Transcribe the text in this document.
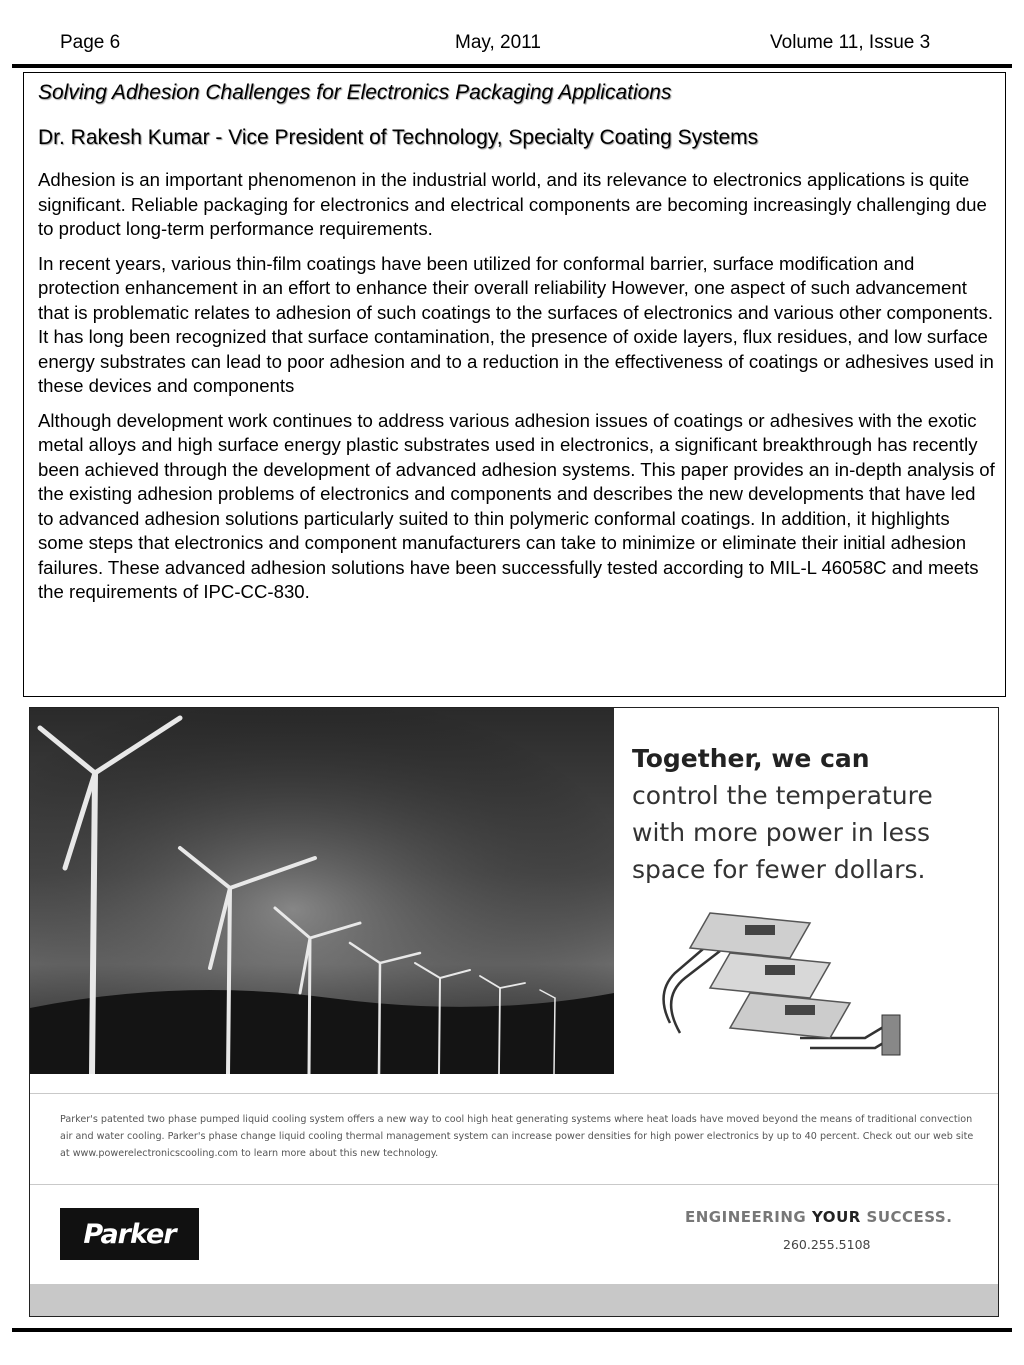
Page 6	May, 2011	Volume 11, Issue 3
Solving Adhesion Challenges for Electronics Packaging Applications
Dr. Rakesh Kumar - Vice President of Technology, Specialty Coating Systems

Adhesion is an important phenomenon in the industrial world, and its relevance to electronics applications is quite significant. Reliable packaging for electronics and electrical components are becoming increasingly challenging due to product long-term performance requirements.

In recent years, various thin-film coatings have been utilized for conformal barrier, surface modification and protection enhancement in an effort to enhance their overall reliability However, one aspect of such advancement that is problematic relates to adhesion of such coatings to the surfaces of electronics and various other components. It has long been recognized that surface contamination, the presence of oxide layers, flux residues, and low surface energy substrates can lead to poor adhesion and to a reduction in the effectiveness of coatings or adhesives used in these devices and components

Although development work continues to address various adhesion issues of coatings or adhesives with the exotic metal alloys and high surface energy plastic substrates used in electronics, a significant breakthrough has recently been achieved through the development of advanced adhesion systems. This paper provides an in-depth analysis of the existing adhesion problems of electronics and components and describes the new developments that have led to advanced adhesion solutions particularly suited to thin polymeric conformal coatings. In addition, it highlights some steps that electronics and component manufacturers can take to minimize or eliminate their initial adhesion failures. These advanced adhesion solutions have been successfully tested according to MIL-L 46058C and meets the requirements of IPC-CC-830.

Together, we can
control the temperature
with more power in less
space for fewer dollars.
Parker's patented two phase pumped liquid cooling system offers a new way to cool high heat generating systems where heat loads have moved beyond the means of traditional convection air and water cooling. Parker's phase change liquid cooling thermal management system can increase power densities for high power electronics by up to 40 percent. Check out our web site at www.powerelectronicscooling.com to learn more about this new technology.
Parker
ENGINEERING YOUR SUCCESS.
260.255.5108
